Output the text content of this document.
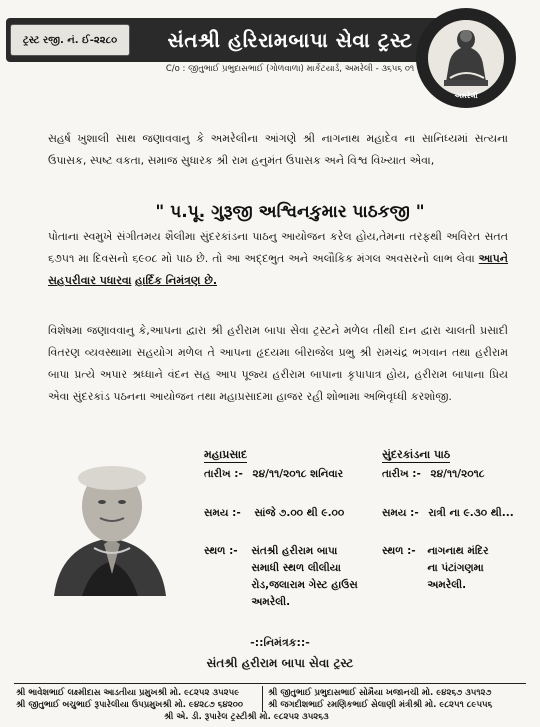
ટ્રસ્ટ રજી. નં. ઈ-૨૨૮૦	સંતશ્રી હરિરામબાપા સેવા ટ્રસ્ટ
C/o : જીતુભાઈ પ્રભુદાસભાઈ (ગોળવાળા) માર્કેટયાર્ડ, અમરેલી - ૩૬૫૬ ૦૧
અમરેલી
સહર્ષ ખુશાલી સાથ જણાવવાનુ કે અમરેલીના આંગણે શ્રી નાગનાથ મહાદેવ ના સાનિધ્યમાં સત્યના ઉપાસક, સ્પષ્ટ વકતા, સમાજ સુધારક શ્રી રામ હનુમંત ઉપાસક અને વિશ્વ વિખ્યાત એવા,
" પ.પૂ. ગુરૂજી અશ્વિનકુમાર પાઠકજી "
પોતાના સ્વમુખે સંગીતમય શૈલીમા સુંદરકાંડના પાઠનુ આયોજન કરેલ હોય,તેમના તરફથી અવિરત સતત ૬૭૫૧ મા દિવસનો ૬૯૦૮ મો પાઠ છે. તો આ અદ્દભુત અને અલૌકિક મંગલ અવસરનો લાભ લેવા આપને સહપરીવાર પધારવા હાર્દિક નિમંત્રણ છે.
વિશેષમા જણાવવાનુ કે,આપના દ્વારા શ્રી હરીરામ બાપા સેવા ટ્રસ્ટને મળેલ તીથી દાન દ્વારા ચાલતી પ્રસાદી વિતરણ વ્યવસ્થામા સહયોગ મળેલ તે આપના હૃદયમા બીરાજેલ પ્રભુ શ્રી રામચંદ્ર ભગવાન તથા હરીરામ બાપા પ્રત્યે અપાર શ્રધ્ધાને વંદન સહ આપ પૂજ્ય હરીરામ બાપાના કૃપાપાત્ર હોય, હરીરામ બાપાના પ્રિય એવા સુંદરકાંડ પઠનના આયોજન તથા મહાપ્રસાદમા હાજર રહી શોભામા અભિવૃધ્ધી કરશોજી.
મહાપ્રસાદ
તારીખ :- ૨૪/૧૧/૨૦૧૮ શનિવાર
સમય :- સાંજે ૭.૦૦ થી ૯.૦૦
સ્થળ :- સંતશ્રી હરીરામ બાપા
સમાધી સ્થળ લીલીયા
રોડ,જલારામ ગેસ્ટ હાઉસ
અમરેલી.
સુંદરકાંડના પાઠ
તારીખ :- ૨૪/૧૧/૨૦૧૮
સમય :- રાત્રી ના ૯.૩૦ થી...
સ્થળ :- નાગનાથ મંદિર
ના પંટાંગણમા
અમરેલી.
-::નિમંત્રક::-
સંતશ્રી હરીરામ બાપા સેવા ટ્રસ્ટ
શ્રી ભાવેશભાઈ લક્ષ્મીદાસ આડતીયા પ્રમુખશ્રી મો. ૯૮૨૫૨ ૩૫૨૫૯	શ્રી જીતુભાઈ પ્રભુદાસભાઈ સોમૈયા ખજાનચી મો. ૯૪૨૬૭ ૩૫૧૨૭
શ્રી જીતુભાઈ બચુભાઈ રૂપારેલીયા ઉપપ્રમુખશ્રી મો. ૯૪૨૮૭ ૬૪૨૦૦	શ્રી જગદીશભાઈ રમણિકભાઈ સેલાણી મંત્રીશ્રી મો. ૯૮૨૫૧ ૮૯૫૫૬
શ્રી એ. ડી. રૂપારેલ ટ્રસ્ટીશ્રી મો. ૯૮૨૫૨ ૩૫૨૬૩
